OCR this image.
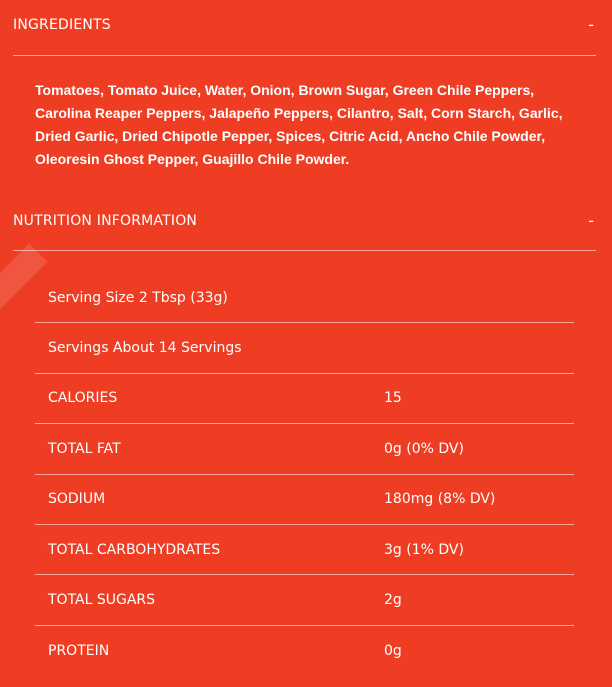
INGREDIENTS	-
Tomatoes, Tomato Juice, Water, Onion, Brown Sugar, Green Chile Peppers, Carolina Reaper Peppers, Jalapeño Peppers, Cilantro, Salt, Corn Starch, Garlic, Dried Garlic, Dried Chipotle Pepper, Spices, Citric Acid, Ancho Chile Powder, Oleoresin Ghost Pepper, Guajillo Chile Powder.
NUTRITION INFORMATION	-
Serving Size 2 Tbsp (33g)
Servings About 14 Servings
CALORIES	15
TOTAL FAT	0g (0% DV)
SODIUM	180mg (8% DV)
TOTAL CARBOHYDRATES	3g (1% DV)
TOTAL SUGARS	2g
PROTEIN	0g
